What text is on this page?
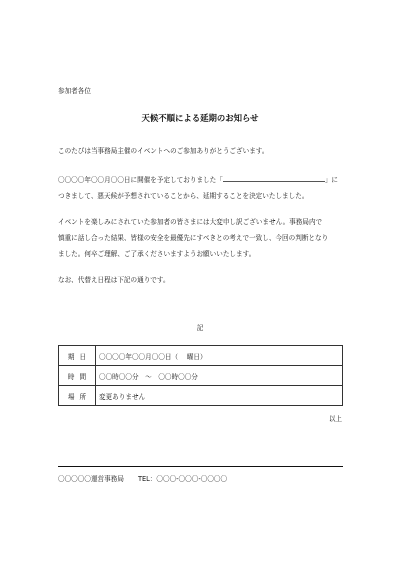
参加者各位
天候不順による延期のお知らせ
このたびは当事務局主催のイベントへのご参加ありがとうございます。
〇〇〇〇年〇〇月〇〇日に開催を予定しておりました「	」に
つきまして、悪天候が予想されていることから、延期することを決定いたしました。
イベントを楽しみにされていた参加者の皆さまには大変申し訳ございません。事務局内で
慎重に話し合った結果、皆様の安全を最優先にすべきとの考えで一致し、今回の判断となり
ました。何卒ご理解、ご了承くださいますようお願いいたします。
なお、代替え日程は下記の通りです。
記
期日	〇〇〇〇年〇〇月〇〇日（　 曜日）
時間	〇〇時〇〇分　～　〇〇時〇〇分
場所	変更ありません
以上
〇〇〇〇〇運営事務局 TEL：〇〇〇-〇〇〇-〇〇〇〇
